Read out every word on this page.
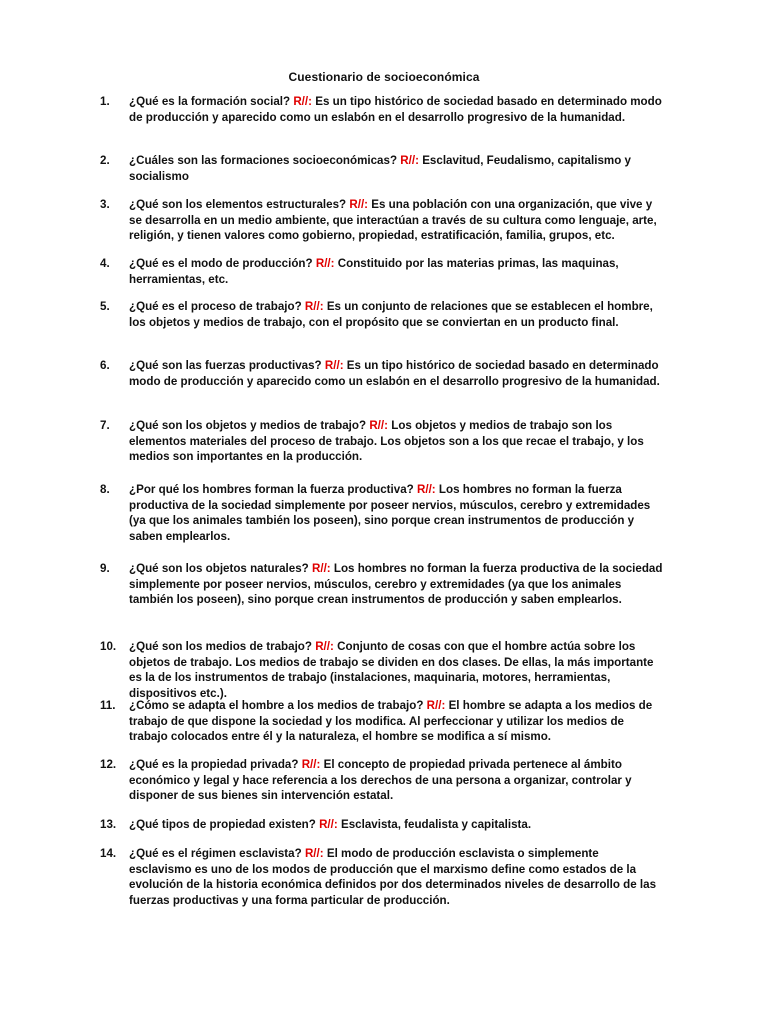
Cuestionario de socioeconómica
1.	¿Qué es la formación social? R//: Es un tipo histórico de sociedad basado en determinado modo de producción y aparecido como un eslabón en el desarrollo progresivo de la humanidad.
2.	¿Cuáles son las formaciones socioeconómicas? R//: Esclavitud, Feudalismo, capitalismo y socialismo
3.	¿Qué son los elementos estructurales? R//: Es una población con una organización, que vive y se desarrolla en un medio ambiente, que interactúan a través de su cultura como lenguaje, arte, religión, y tienen valores como gobierno, propiedad, estratificación, familia, grupos, etc.
4.	¿Qué es el modo de producción? R//: Constituido por las materias primas, las maquinas, herramientas, etc.
5.	¿Qué es el proceso de trabajo? R//: Es un conjunto de relaciones que se establecen el hombre, los objetos y medios de trabajo, con el propósito que se conviertan en un producto final.
6.	¿Qué son las fuerzas productivas? R//: Es un tipo histórico de sociedad basado en determinado modo de producción y aparecido como un eslabón en el desarrollo progresivo de la humanidad.
7.	¿Qué son los objetos y medios de trabajo? R//: Los objetos y medios de trabajo son los elementos materiales del proceso de trabajo. Los objetos son a los que recae el trabajo, y los medios son importantes en la producción.
8.	¿Por qué los hombres forman la fuerza productiva? R//: Los hombres no forman la fuerza productiva de la sociedad simplemente por poseer nervios, músculos, cerebro y extremidades (ya que los animales también los poseen), sino porque crean instrumentos de producción y saben emplearlos.
9.	¿Qué son los objetos naturales? R//: Los hombres no forman la fuerza productiva de la sociedad simplemente por poseer nervios, músculos, cerebro y extremidades (ya que los animales también los poseen), sino porque crean instrumentos de producción y saben emplearlos.
10.	¿Qué son los medios de trabajo? R//: Conjunto de cosas con que el hombre actúa sobre los objetos de trabajo. Los medios de trabajo se dividen en dos clases. De ellas, la más importante es la de los instrumentos de trabajo (instalaciones, maquinaria, motores, herramientas, dispositivos etc.).
11.	¿Cómo se adapta el hombre a los medios de trabajo? R//: El hombre se adapta a los medios de trabajo de que dispone la sociedad y los modifica. Al perfeccionar y utilizar los medios de trabajo colocados entre él y la naturaleza, el hombre se modifica a sí mismo.
12.	¿Qué es la propiedad privada? R//: El concepto de propiedad privada pertenece al ámbito económico y legal y hace referencia a los derechos de una persona a organizar, controlar y disponer de sus bienes sin intervención estatal.
13.	¿Qué tipos de propiedad existen? R//: Esclavista, feudalista y capitalista.
14.	¿Qué es el régimen esclavista? R//: El modo de producción esclavista o simplemente esclavismo es uno de los modos de producción que el marxismo define como estados de la evolución de la historia económica definidos por dos determinados niveles de desarrollo de las fuerzas productivas y una forma particular de producción.
